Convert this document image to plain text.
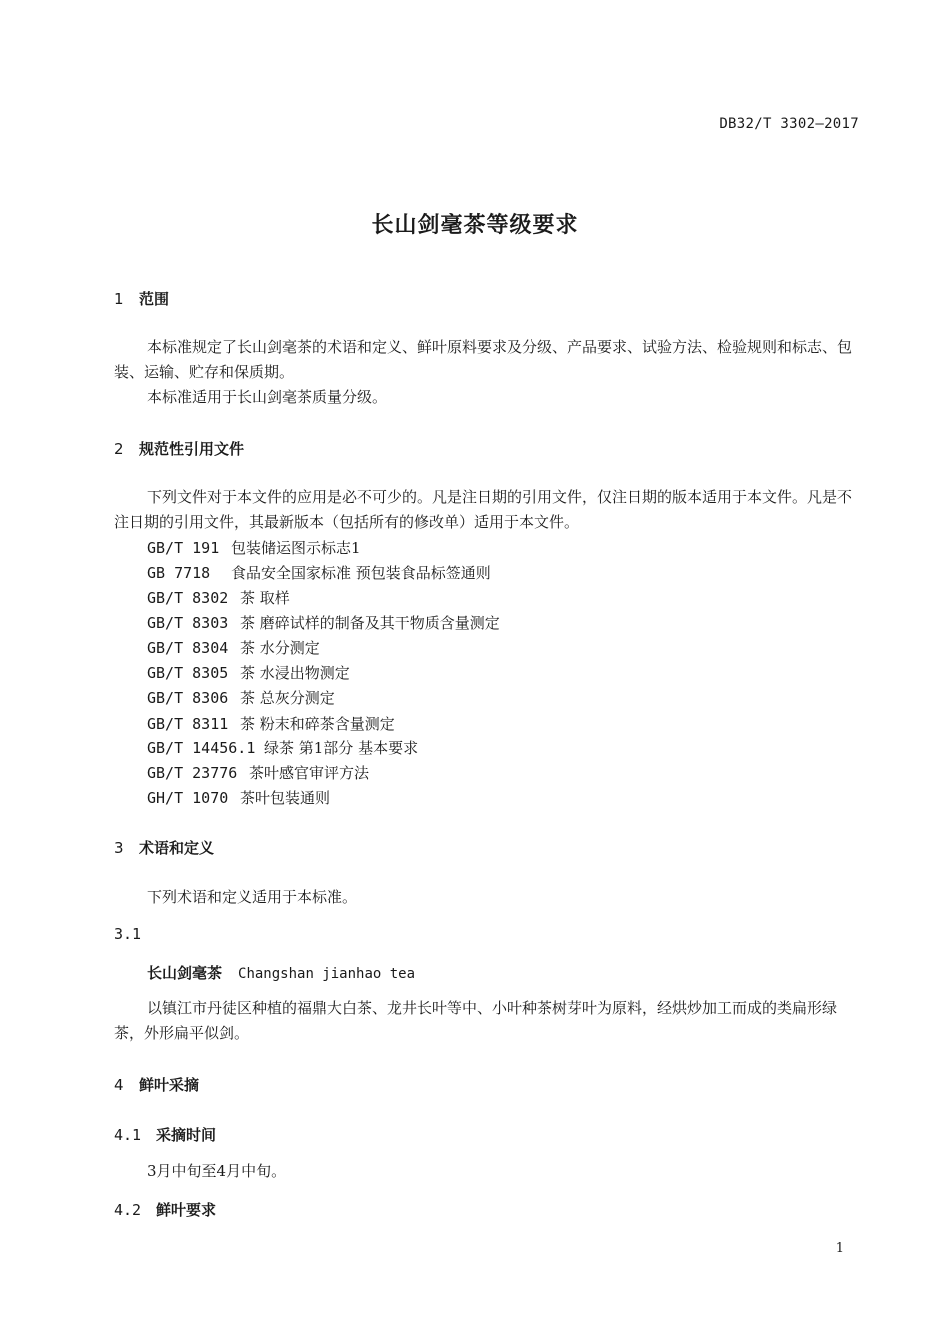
DB32/T 3302—2017
长山剑毫茶等级要求
1 范围
本标准规定了长山剑毫茶的术语和定义、鲜叶原料要求及分级、产品要求、试验方法、检验规则和标志、包装、运输、贮存和保质期。
本标准适用于长山剑毫茶质量分级。
2 规范性引用文件
下列文件对于本文件的应用是必不可少的。凡是注日期的引用文件，仅注日期的版本适用于本文件。凡是不注日期的引用文件，其最新版本（包括所有的修改单）适用于本文件。
GB/T 191 包装储运图示标志1
GB 7718 食品安全国家标准 预包装食品标签通则
GB/T 8302 茶 取样
GB/T 8303 茶 磨碎试样的制备及其干物质含量测定
GB/T 8304 茶 水分测定
GB/T 8305 茶 水浸出物测定
GB/T 8306 茶 总灰分测定
GB/T 8311 茶 粉末和碎茶含量测定
GB/T 14456.1 绿茶 第1部分 基本要求
GB/T 23776 茶叶感官审评方法
GH/T 1070 茶叶包装通则
3 术语和定义
下列术语和定义适用于本标准。
3.1
长山剑毫茶 Changshan jianhao tea
以镇江市丹徒区种植的福鼎大白茶、龙井长叶等中、小叶种茶树芽叶为原料，经烘炒加工而成的类扁形绿茶，外形扁平似剑。
4 鲜叶采摘
4.1 采摘时间
3月中旬至4月中旬。
4.2 鲜叶要求
1
